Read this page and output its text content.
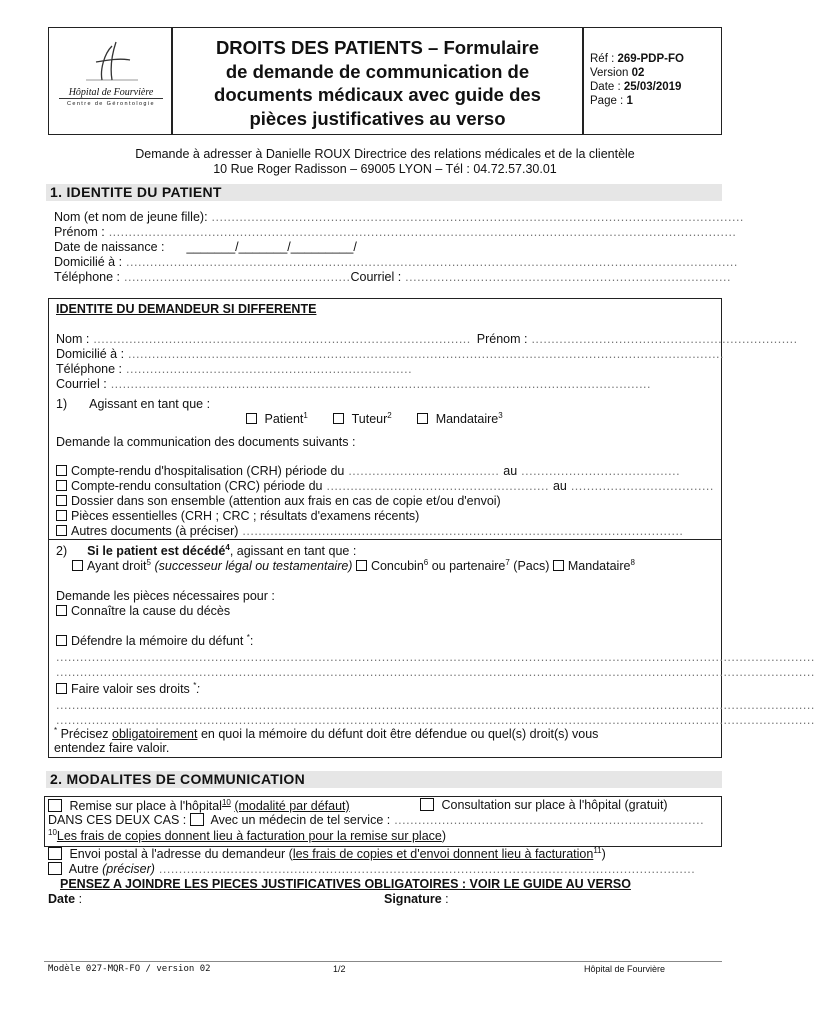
Hôpital de Fourvière
Centre de Gérontologie
DROITS DES PATIENTS – Formulaire
de demande de communication de
documents médicaux avec guide des
pièces justificatives au verso
Réf : 269-PDP-FO
Version 02
Date : 25/03/2019
Page : 1
Demande à adresser à Danielle ROUX Directrice des relations médicales et de la clientèle
10 Rue Roger Radisson – 69005 LYON – Tél : 04.72.57.30.01
1. IDENTITE DU PATIENT
Nom (et nom de jeune fille): ......................................................................................................................................
Prénom : ..............................................................................................................................................................
Date de naissance : _______/_______/_________/
Domicilié à : ..........................................................................................................................................................
Téléphone : .........................................................Courriel : ..................................................................................
IDENTITE DU DEMANDEUR SI DIFFERENTE
Nom : ............................................................................................... Prénom : ...................................................................
Domicilié à : ......................................................................................................................................................
Téléphone : ........................................................................
Courriel : ........................................................................................................................................
1) Agissant en tant que :
Patient$^1$	Tuteur$^2$	Mandataire$^3$
Demande la communication des documents suivants :
Compte-rendu d'hospitalisation (CRH) période du ...................................... au ........................................
Compte-rendu consultation (CRC) période du ........................................................ au ....................................
Dossier dans son ensemble (attention aux frais en cas de copie et/ou d'envoi)
Pièces essentielles (CRH ; CRC ; résultats d'examens récents)
Autres documents (à préciser) ...............................................................................................................
2) Si le patient est décédé$^4$, agissant en tant que :
Ayant droit$^5$ (successeur légal ou testamentaire) Concubin$^6$ ou partenaire$^7$ (Pacs) Mandataire$^8$
Demande les pièces nécessaires pour :
Connaître la cause du décès
Défendre la mémoire du défunt *:
...............................................................................................................................................................................................
...............................................................................................................................................................................................
Faire valoir ses droits *:
...............................................................................................................................................................................................
...............................................................................................................................................................................................
* Précisez obligatoirement en quoi la mémoire du défunt doit être défendue ou quel(s) droit(s) vous
entendez faire valoir.
2. MODALITES DE COMMUNICATION
Remise sur place à l'hôpital$^{10}$ (modalité par défaut)	Consultation sur place à l'hôpital (gratuit)
DANS CES DEUX CAS :  Avec un médecin de tel service : ..............................................................................
$^{10}$Les frais de copies donnent lieu à facturation pour la remise sur place)
Envoi postal à l'adresse du demandeur (les frais de copies et d'envoi donnent lieu à facturation$^{11}$)
Autre (préciser) .......................................................................................................................................
PENSEZ A JOINDRE LES PIECES JUSTIFICATIVES OBLIGATOIRES : VOIR LE GUIDE AU VERSO
Date :	Signature :
Modèle 027-MQR-FO / version 02	1/2	Hôpital de Fourvière
